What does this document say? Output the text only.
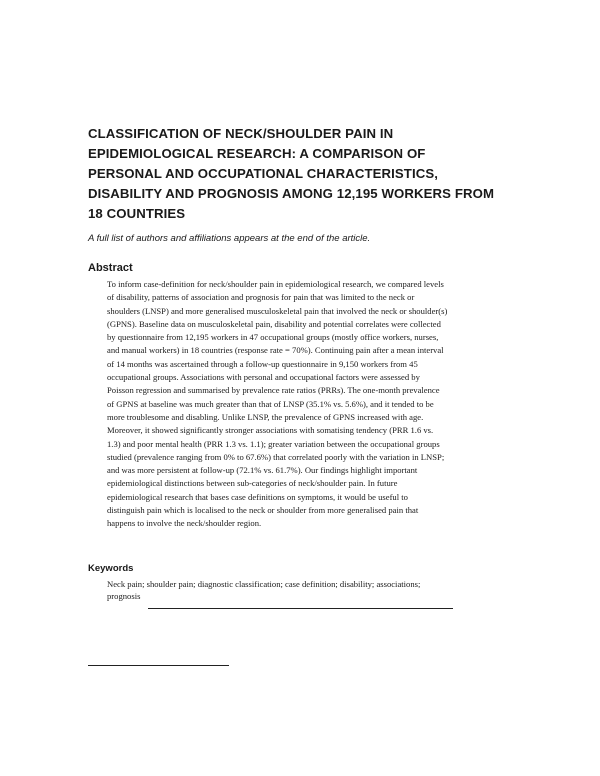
CLASSIFICATION OF NECK/SHOULDER PAIN IN
EPIDEMIOLOGICAL RESEARCH: A COMPARISON OF
PERSONAL AND OCCUPATIONAL CHARACTERISTICS,
DISABILITY AND PROGNOSIS AMONG 12,195 WORKERS FROM
18 COUNTRIES

A full list of authors and affiliations appears at the end of the article.

Abstract
To inform case-definition for neck/shoulder pain in epidemiological research, we compared levels
of disability, patterns of association and prognosis for pain that was limited to the neck or
shoulders (LNSP) and more generalised musculoskeletal pain that involved the neck or shoulder(s)
(GPNS). Baseline data on musculoskeletal pain, disability and potential correlates were collected
by questionnaire from 12,195 workers in 47 occupational groups (mostly office workers, nurses,
and manual workers) in 18 countries (response rate = 70%). Continuing pain after a mean interval
of 14 months was ascertained through a follow-up questionnaire in 9,150 workers from 45
occupational groups. Associations with personal and occupational factors were assessed by
Poisson regression and summarised by prevalence rate ratios (PRRs). The one-month prevalence
of GPNS at baseline was much greater than that of LNSP (35.1% vs. 5.6%), and it tended to be
more troublesome and disabling. Unlike LNSP, the prevalence of GPNS increased with age.
Moreover, it showed significantly stronger associations with somatising tendency (PRR 1.6 vs.
1.3) and poor mental health (PRR 1.3 vs. 1.1); greater variation between the occupational groups
studied (prevalence ranging from 0% to 67.6%) that correlated poorly with the variation in LNSP;
and was more persistent at follow-up (72.1% vs. 61.7%). Our findings highlight important
epidemiological distinctions between sub-categories of neck/shoulder pain. In future
epidemiological research that bases case definitions on symptoms, it would be useful to
distinguish pain which is localised to the neck or shoulder from more generalised pain that
happens to involve the neck/shoulder region.
Keywords
Neck pain; shoulder pain; diagnostic classification; case definition; disability; associations;
prognosis
